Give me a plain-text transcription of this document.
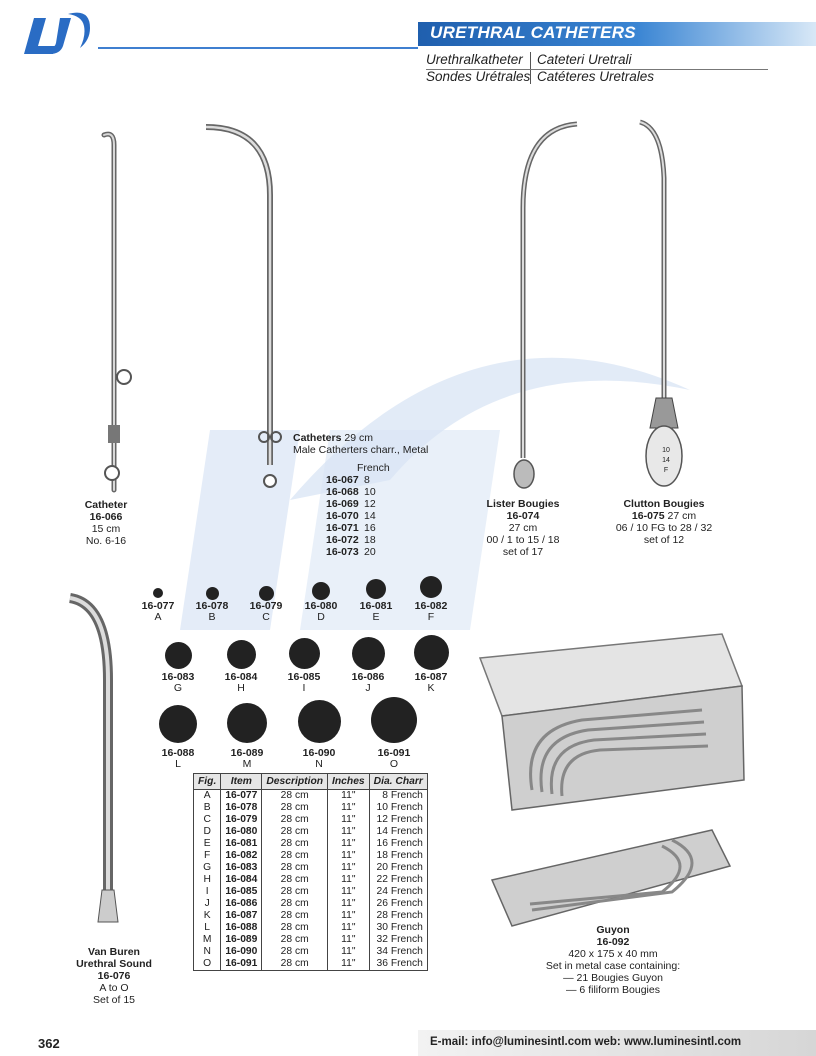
URETHRAL CATHETERS
Urethralkatheter Cateteri Uretrali
Sondes Urétrales Catéteres Uretrales
10
14
F
Catheter
16-066
15 cm
No. 6-16
Catheters 29 cm
Male Catherters charr., Metal
French
16-067 8
16-068 10
16-069 12
16-070 14
16-071 16
16-072 18
16-073 20
Lister Bougies
16-074
27 cm
00 / 1 to 15 / 18
set of 17
Clutton Bougies
16-075 27 cm
06 / 10 FG to 28 / 32
set of 12
Van Buren
Urethral Sound
16-076
A to O
Set of 15
16-077
A
16-078
B
16-079
C
16-080
D
16-081
E
16-082
F
16-083
G
16-084
H
16-085
I
16-086
J
16-087
K
16-088
L
16-089
M
16-090
N
16-091
O
Fig.	Item	Description	Inches	Dia. Charr
A	16-077	28 cm	11"	8 French
B	16-078	28 cm	11"	10 French
C	16-079	28 cm	11"	12 French
D	16-080	28 cm	11"	14 French
E	16-081	28 cm	11"	16 French
F	16-082	28 cm	11"	18 French
G	16-083	28 cm	11"	20 French
H	16-084	28 cm	11"	22 French
I	16-085	28 cm	11"	24 French
J	16-086	28 cm	11"	26 French
K	16-087	28 cm	11"	28 French
L	16-088	28 cm	11"	30 French
M	16-089	28 cm	11"	32 French
N	16-090	28 cm	11"	34 French
O	16-091	28 cm	11"	36 French
Guyon
16-092
420 x 175 x 40 mm
Set in metal case containing:
— 21 Bougies Guyon
— 6 filiform Bougies
362	E-mail: info@luminesintl.com web: www.luminesintl.com
